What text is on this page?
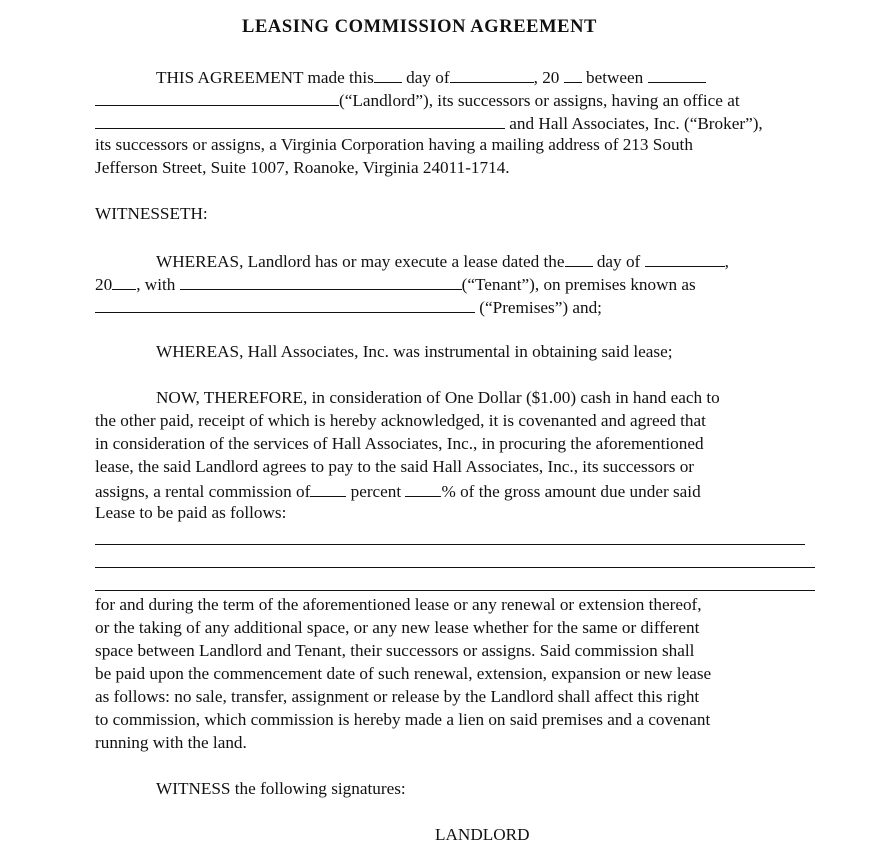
LEASING COMMISSION AGREEMENT
THIS AGREEMENT made this day of	, 20 between
(“Landlord”), its successors or assigns, having an office at
and Hall Associates, Inc. (“Broker”),
its successors or assigns, a Virginia Corporation having a mailing address of 213 South
Jefferson Street, Suite 1007, Roanoke, Virginia 24011-1714.
WITNESSETH:
WHEREAS, Landlord has or may execute a lease dated the day of	,
20 , with	(“Tenant”), on premises known as
(“Premises”) and;
WHEREAS, Hall Associates, Inc. was instrumental in obtaining said lease;
NOW, THEREFORE, in consideration of One Dollar ($1.00) cash in hand each to
the other paid, receipt of which is hereby acknowledged, it is covenanted and agreed that
in consideration of the services of Hall Associates, Inc., in procuring the aforementioned
lease, the said Landlord agrees to pay to the said Hall Associates, Inc., its successors or
assigns, a rental commission of percent % of the gross amount due under said
Lease to be paid as follows:
for and during the term of the aforementioned lease or any renewal or extension thereof,
or the taking of any additional space, or any new lease whether for the same or different
space between Landlord and Tenant, their successors or assigns. Said commission shall
be paid upon the commencement date of such renewal, extension, expansion or new lease
as follows: no sale, transfer, assignment or release by the Landlord shall affect this right
to commission, which commission is hereby made a lien on said premises and a covenant
running with the land.
WITNESS the following signatures:
LANDLORD
